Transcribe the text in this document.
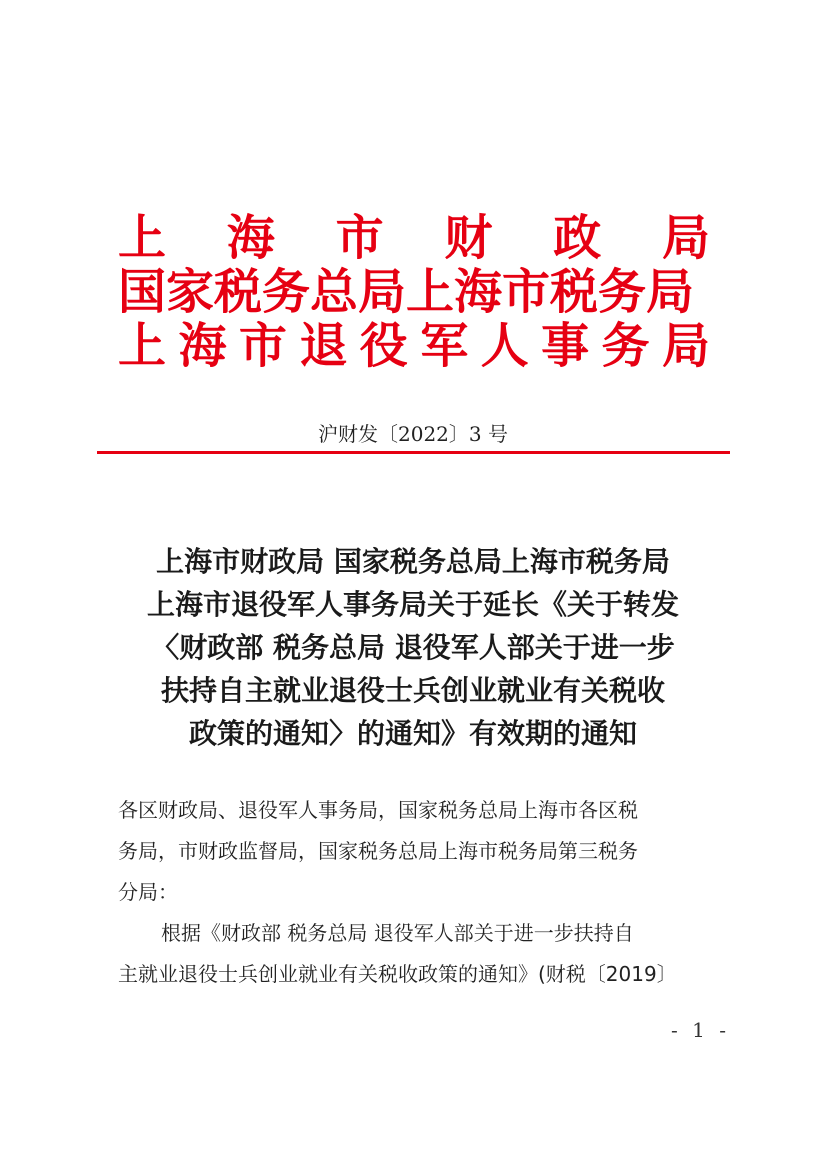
上 海 市 财 政 局
国家税务总局上海市税务局
上 海 市 退 役 军 人 事 务 局
沪财发〔2022〕3 号
上海市财政局 国家税务总局上海市税务局
上海市退役军人事务局关于延长《关于转发
〈财政部 税务总局 退役军人部关于进一步
扶持自主就业退役士兵创业就业有关税收
政策的通知〉的通知》有效期的通知
各区财政局、退役军人事务局，国家税务总局上海市各区税
务局，市财政监督局，国家税务总局上海市税务局第三税务
分局：
根据《财政部 税务总局 退役军人部关于进一步扶持自
主就业退役士兵创业就业有关税收政策的通知》(财税〔2019〕
- 1 -
